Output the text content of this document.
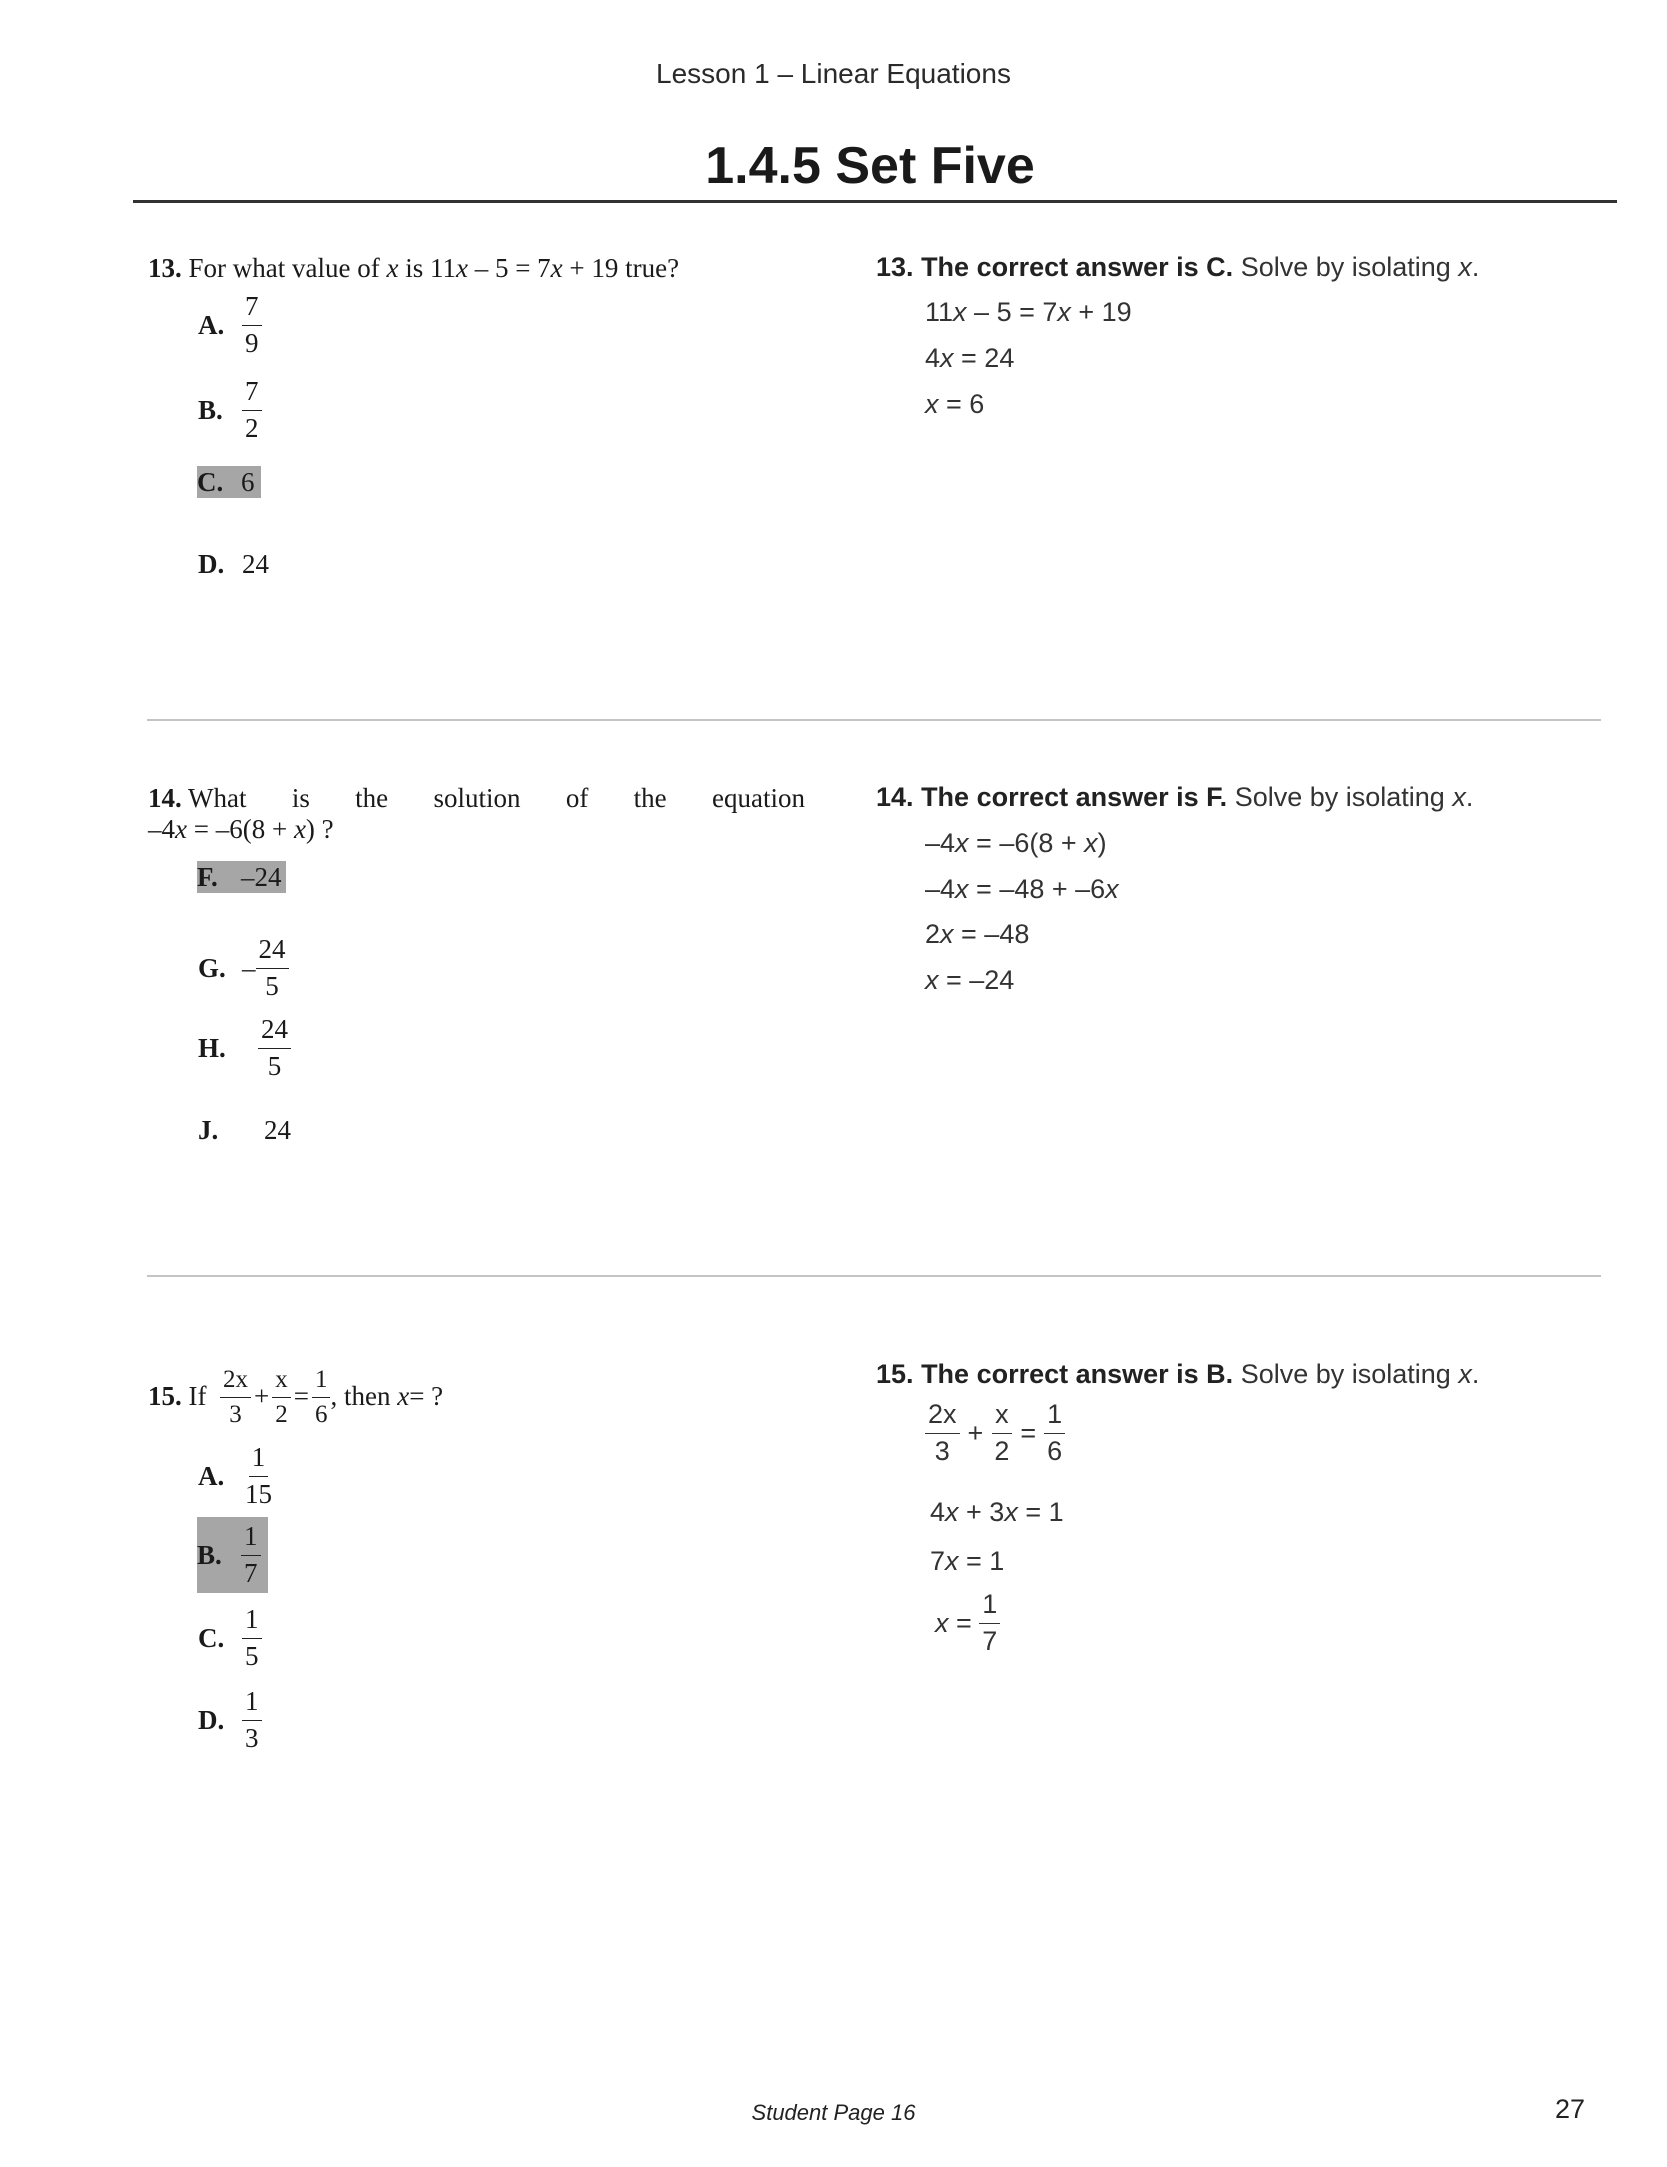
Lesson 1 – Linear Equations
1.4.5 Set Five
13. For what value of x is 11x – 5 = 7x + 19 true?
A. $\frac{7}{9}$
B. $\frac{7}{2}$
C. 6
D. 24
13. The correct answer is C. Solve by isolating x.
11x – 5 = 7x + 19
4x = 24
x = 6
14. What is the solution of the equation
–4x = –6(8 + x) ?
F. –24
G. – $\frac{24}{5}$
H.	$\frac{24}{5}$
J.	24
14. The correct answer is F. Solve by isolating x.
–4x = –6(8 + x)
–4x = –48 + –6x
2x = –48
x = –24
15.
If
$\frac{2x}{3} + \frac{x}{2} = \frac{1}{6}$ , then
x = ?
A. $\frac{1}{15}$
B. $\frac{1}{7}$
C. $\frac{1}{5}$
D. $\frac{1}{3}$
15. The correct answer is B. Solve by isolating x.
$\frac{2x}{3} + \frac{x}{2} = \frac{1}{6}$
4x + 3x = 1
7x = 1
$x = \frac{1}{7}$
Student Page 16	27
